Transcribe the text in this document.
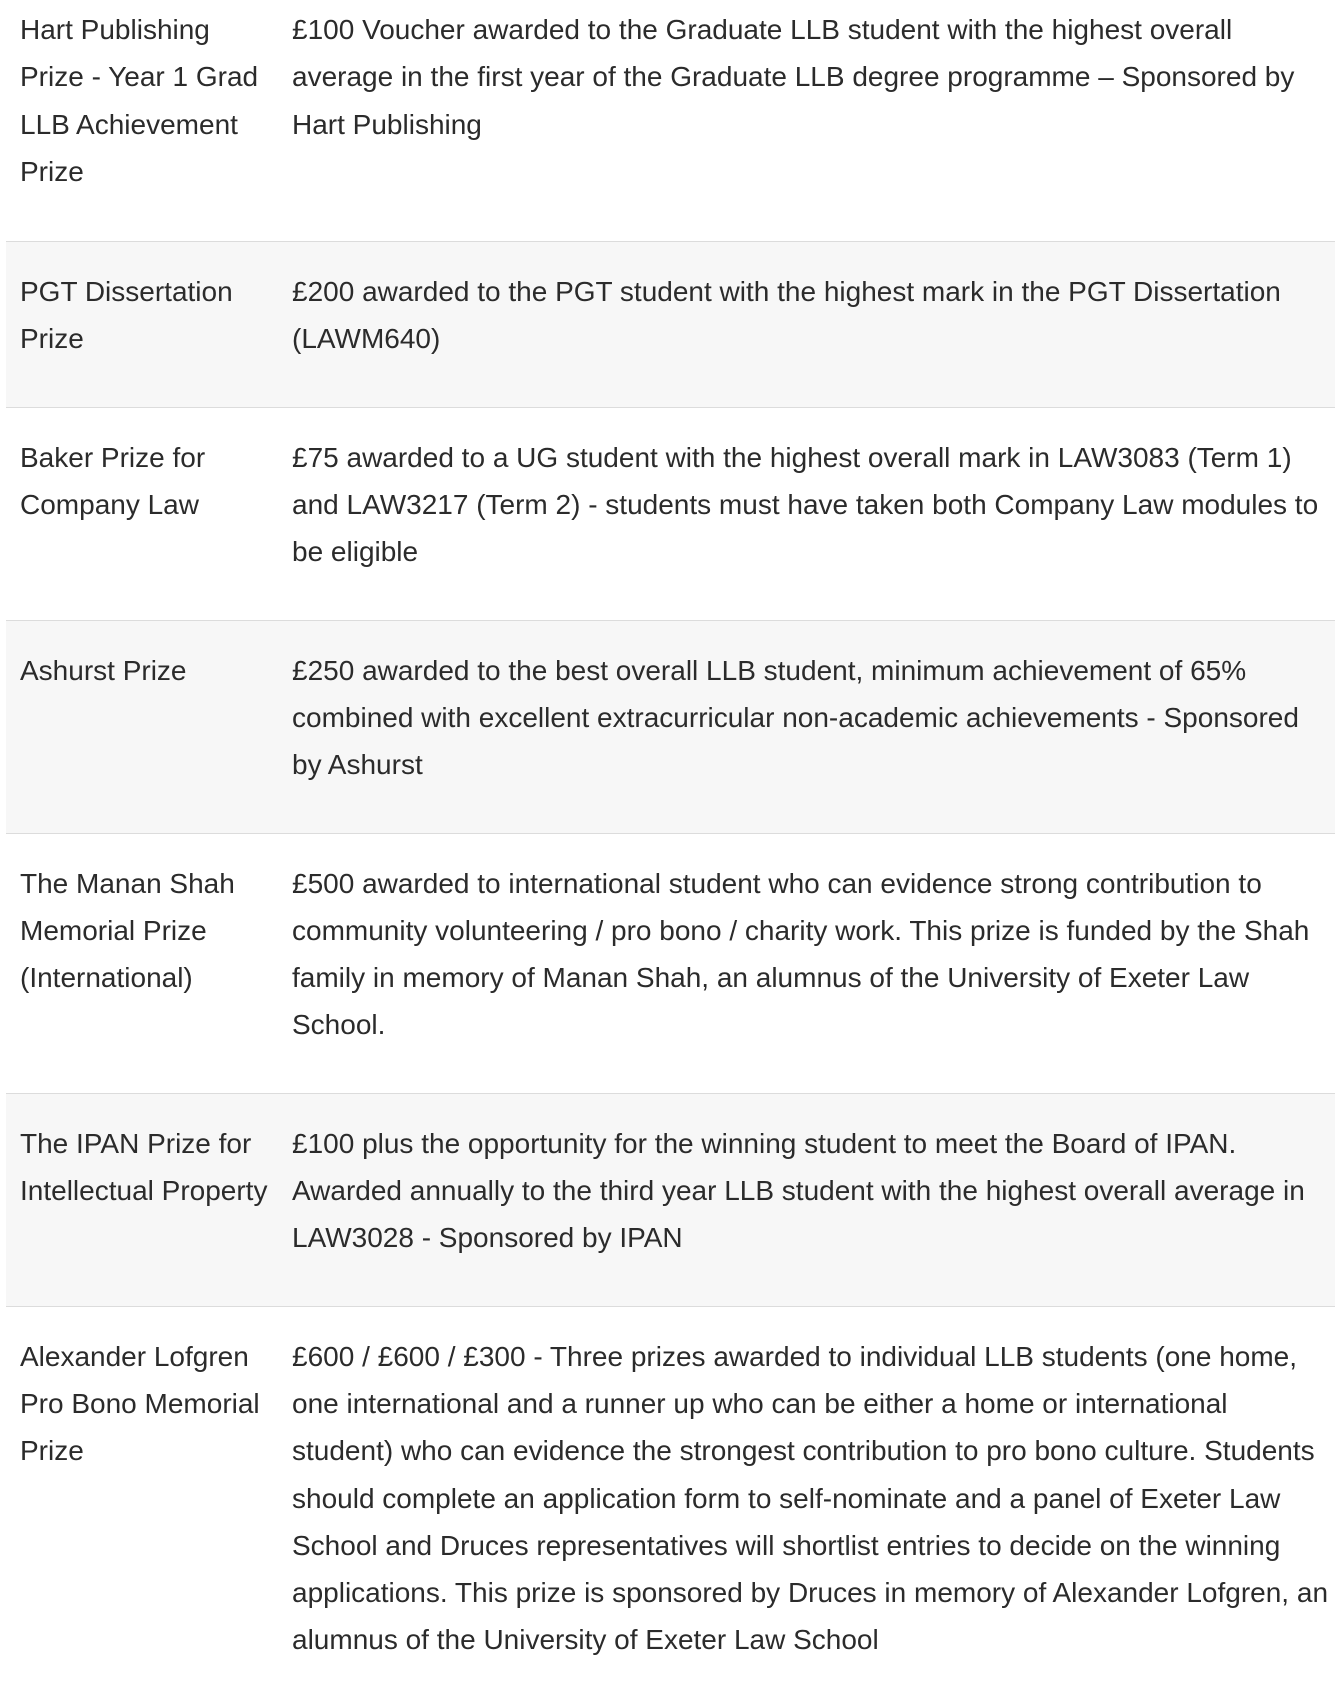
Hart Publishing Prize - Year 1 Grad LLB Achievement Prize	£100 Voucher awarded to the Graduate LLB student with the highest overall average in the first year of the Graduate LLB degree programme – Sponsored by Hart Publishing
PGT Dissertation Prize	£200 awarded to the PGT student with the highest mark in the PGT Dissertation (LAWM640)
Baker Prize for Company Law	£75 awarded to a UG student with the highest overall mark in LAW3083 (Term 1) and LAW3217 (Term 2) - students must have taken both Company Law modules to be eligible
Ashurst Prize	£250 awarded to the best overall LLB student, minimum achievement of 65% combined with excellent extracurricular non-academic achievements - Sponsored by Ashurst
The Manan Shah Memorial Prize (International)	£500 awarded to international student who can evidence strong contribution to community volunteering / pro bono / charity work. This prize is funded by the Shah family in memory of Manan Shah, an alumnus of the University of Exeter Law School.
The IPAN Prize for Intellectual Property	£100 plus the opportunity for the winning student to meet the Board of IPAN. Awarded annually to the third year LLB student with the highest overall average in LAW3028 - Sponsored by IPAN
Alexander Lofgren Pro Bono Memorial Prize	£600 / £600 / £300 - Three prizes awarded to individual LLB students (one home, one international and a runner up who can be either a home or international student) who can evidence the strongest contribution to pro bono culture. Students should complete an application form to self-nominate and a panel of Exeter Law School and Druces representatives will shortlist entries to decide on the winning applications. This prize is sponsored by Druces in memory of Alexander Lofgren, an alumnus of the University of Exeter Law School
